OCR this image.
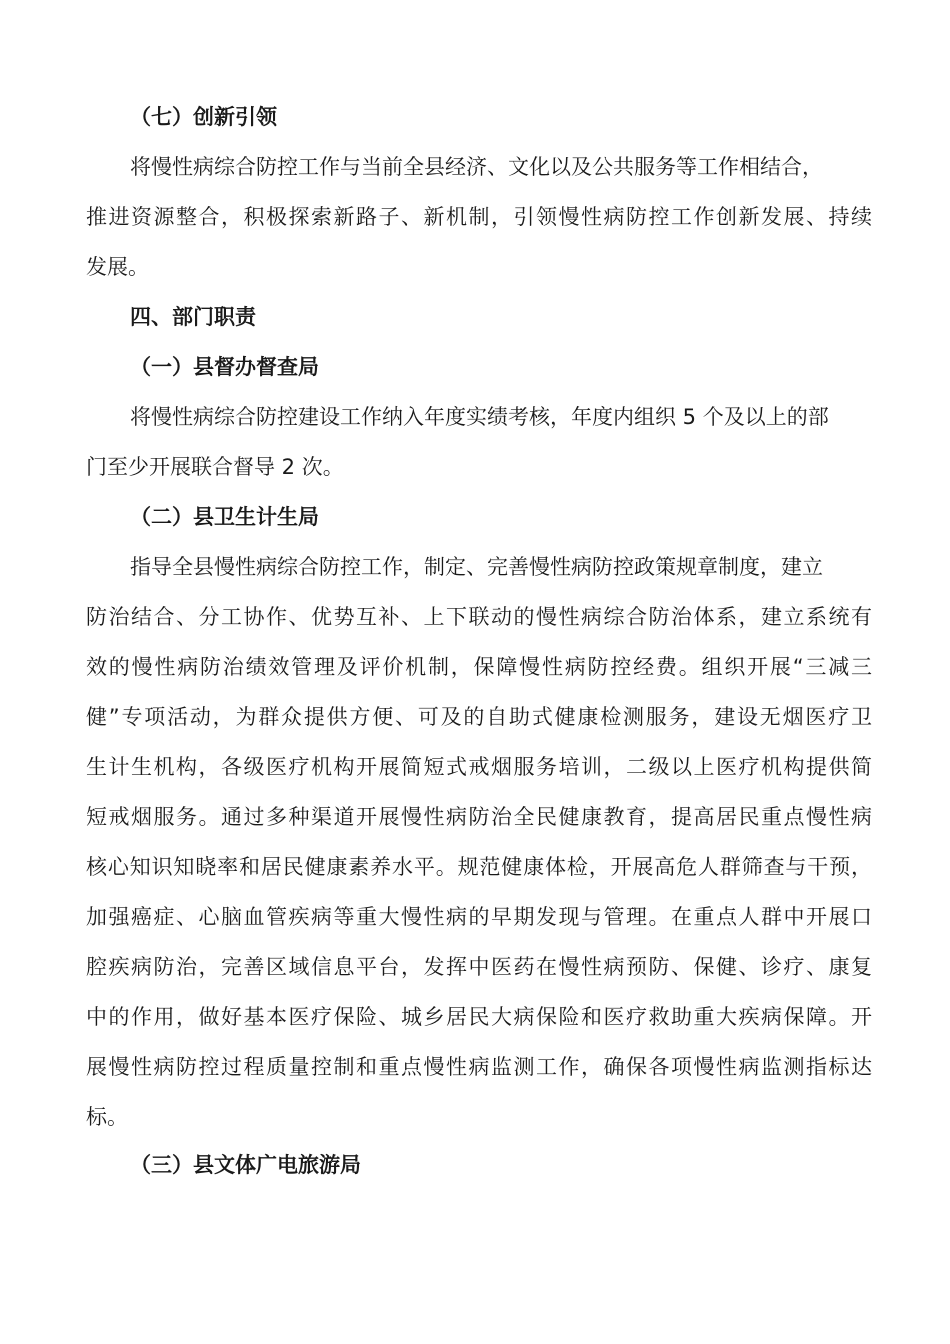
（七）创新引领
将慢性病综合防控工作与当前全县经济、文化以及公共服务等工作相结合，
推进资源整合，积极探索新路子、新机制，引领慢性病防控工作创新发展、持续
发展。
四、部门职责
（一）县督办督查局
将慢性病综合防控建设工作纳入年度实绩考核，年度内组织 5 个及以上的部
门至少开展联合督导 2 次。
（二）县卫生计生局
指导全县慢性病综合防控工作，制定、完善慢性病防控政策规章制度，建立
防治结合、分工协作、优势互补、上下联动的慢性病综合防治体系，建立系统有
效的慢性病防治绩效管理及评价机制，保障慢性病防控经费。组织开展“三减三
健”专项活动，为群众提供方便、可及的自助式健康检测服务，建设无烟医疗卫
生计生机构，各级医疗机构开展简短式戒烟服务培训，二级以上医疗机构提供简
短戒烟服务。通过多种渠道开展慢性病防治全民健康教育，提高居民重点慢性病
核心知识知晓率和居民健康素养水平。规范健康体检，开展高危人群筛查与干预，
加强癌症、心脑血管疾病等重大慢性病的早期发现与管理。在重点人群中开展口
腔疾病防治，完善区域信息平台，发挥中医药在慢性病预防、保健、诊疗、康复
中的作用，做好基本医疗保险、城乡居民大病保险和医疗救助重大疾病保障。开
展慢性病防控过程质量控制和重点慢性病监测工作，确保各项慢性病监测指标达
标。
（三）县文体广电旅游局
